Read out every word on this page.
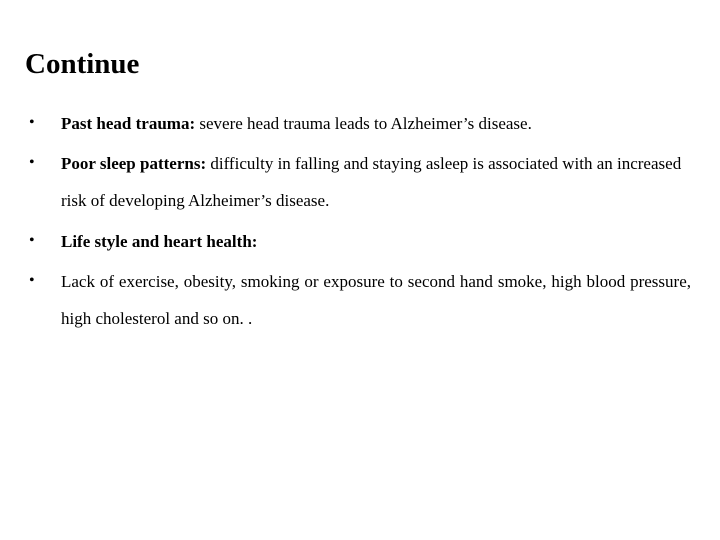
Continue
• Past head trauma: severe head trauma leads to Alzheimer’s disease.
• Poor sleep patterns: difficulty in falling and staying asleep is associated with an increased risk of developing Alzheimer’s disease.
• Life style and heart health:
• Lack of exercise, obesity, smoking or exposure to second hand smoke, high blood pressure, high cholesterol and so on. .
